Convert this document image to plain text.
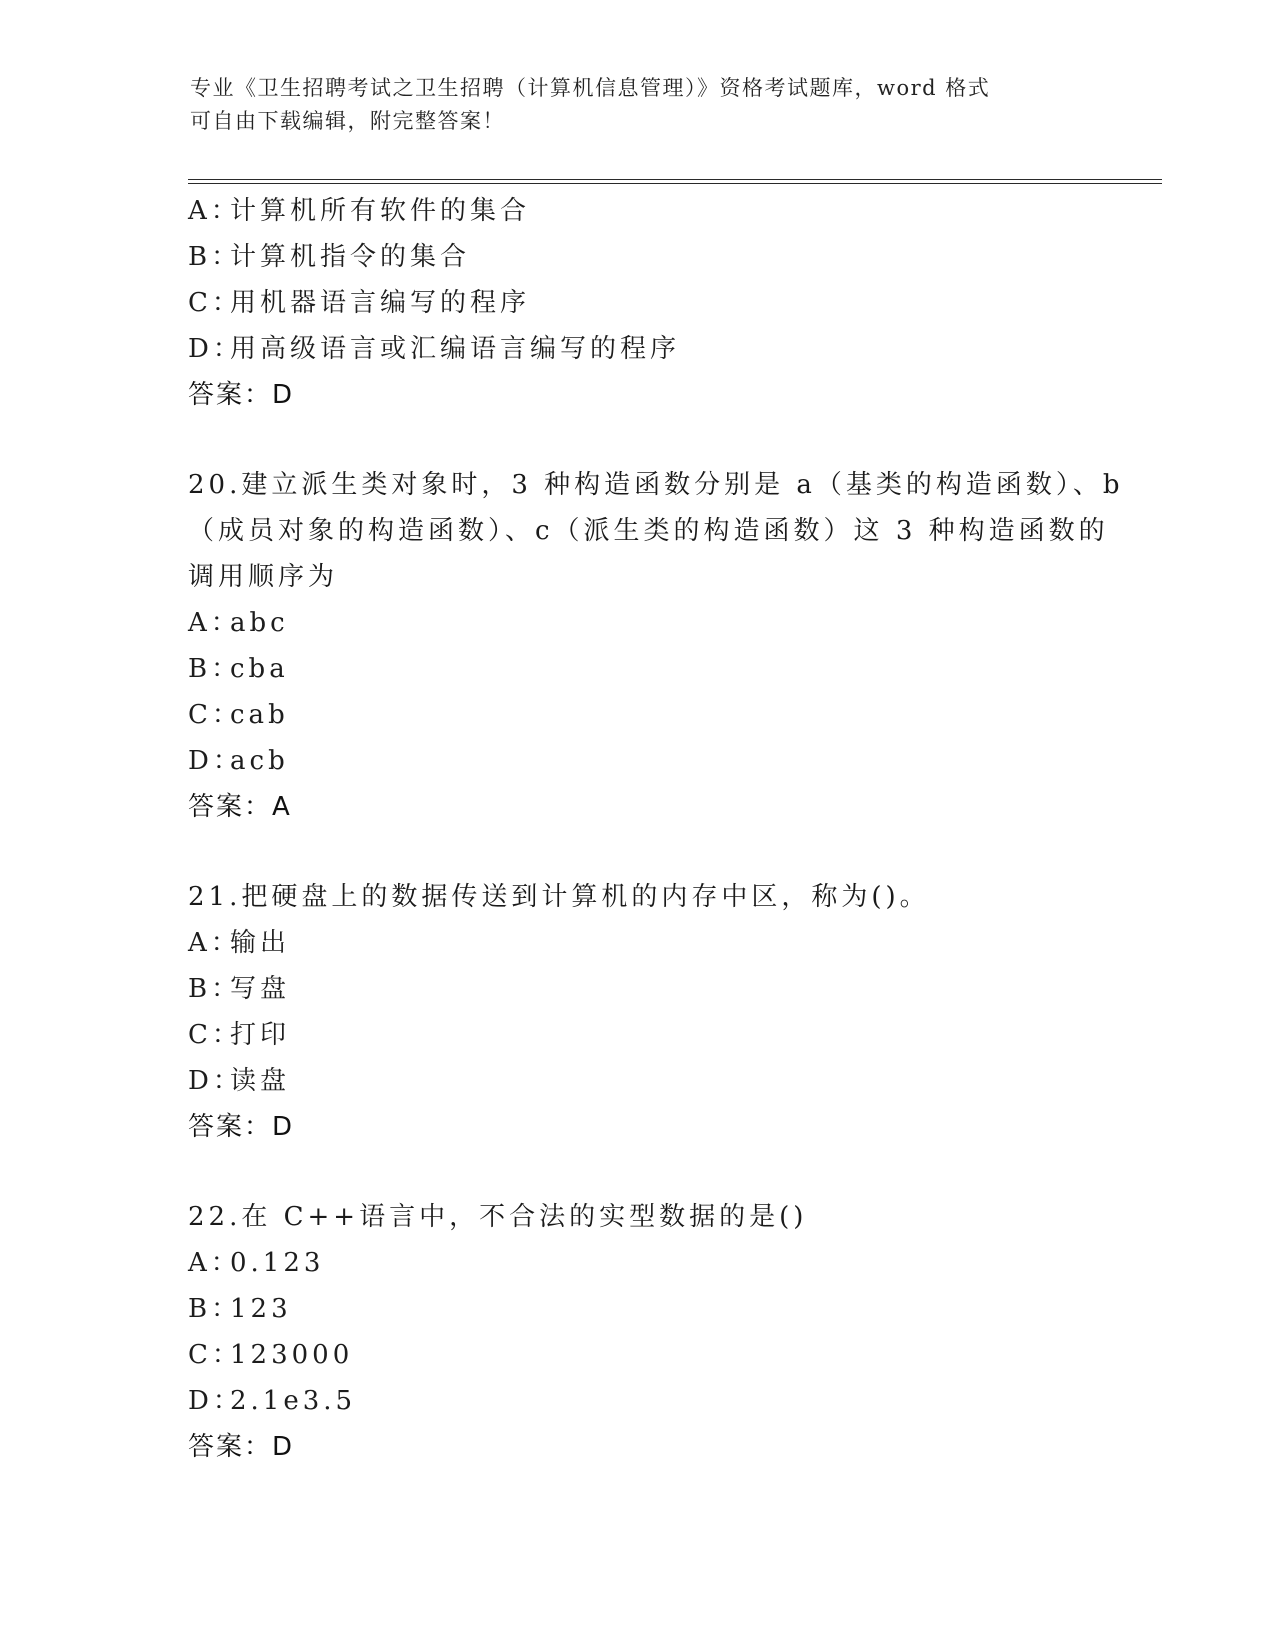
专业《卫生招聘考试之卫生招聘（计算机信息管理）》资格考试题库，word 格式
可自由下载编辑，附完整答案！
A：计算机所有软件的集合
B：计算机指令的集合
C：用机器语言编写的程序
D：用高级语言或汇编语言编写的程序
答案：D
20.建立派生类对象时，3 种构造函数分别是 a（基类的构造函数）、b
（成员对象的构造函数）、c（派生类的构造函数）这 3 种构造函数的
调用顺序为
A：abc
B：cba
C：cab
D：acb
答案：A
21.把硬盘上的数据传送到计算机的内存中区，称为()。
A：输出
B：写盘
C：打印
D：读盘
答案：D
22.在 C++语言中，不合法的实型数据的是()
A：0.123
B：123
C：123000
D：2.1e3.5
答案：D
